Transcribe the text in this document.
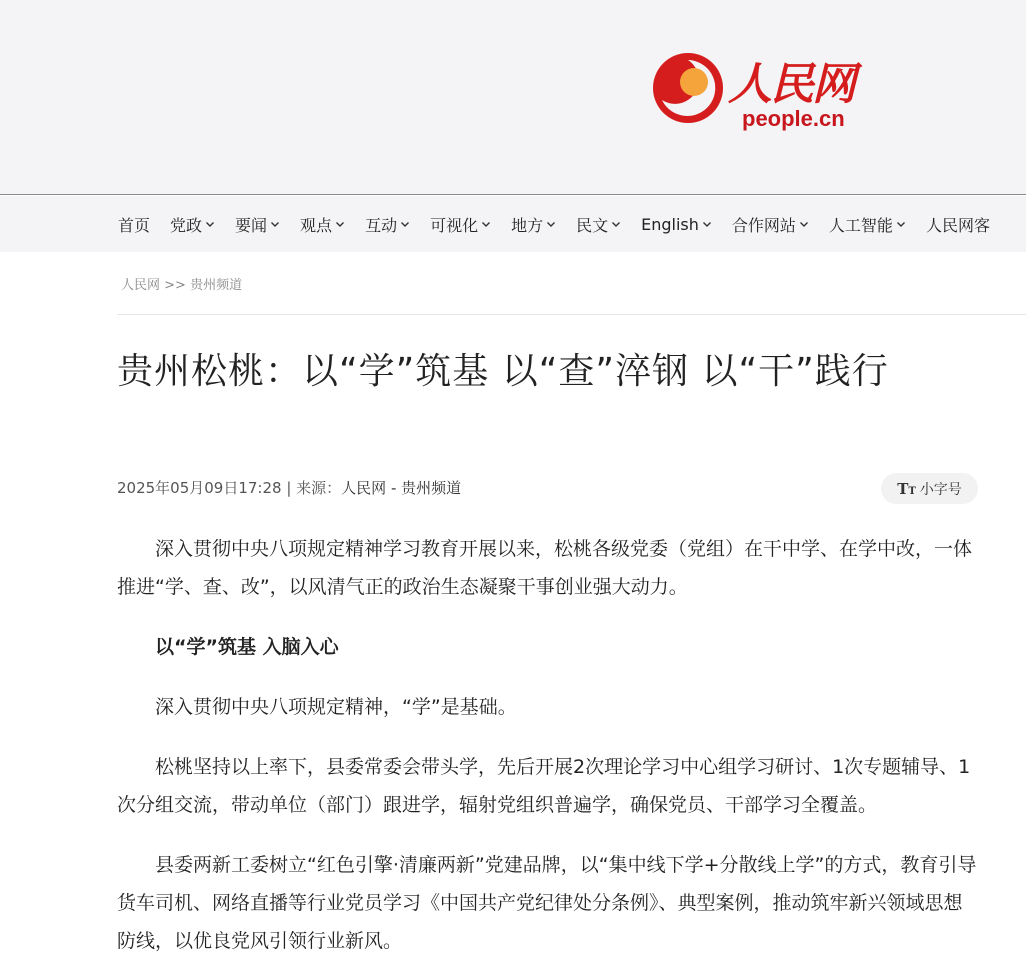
人民网
people.cn
首页 党政 要闻 观点 互动 可视化 地方 民文 English 合作网站 人工智能 人民网客
人民网 >> 贵州频道
贵州松桃：以“学”筑基 以“查”淬钢 以“干”践行
2025年05月09日17:28 | 来源：人民网 - 贵州频道	TT 小字号

深入贯彻中央八项规定精神学习教育开展以来，松桃各级党委（党组）在干中学、在学中改，一体推进“学、查、改”，以风清气正的政治生态凝聚干事创业强大动力。

以“学”筑基 入脑入心

深入贯彻中央八项规定精神，“学”是基础。

松桃坚持以上率下，县委常委会带头学，先后开展2次理论学习中心组学习研讨、1次专题辅导、1次分组交流，带动单位（部门）跟进学，辐射党组织普遍学，确保党员、干部学习全覆盖。

县委两新工委树立“红色引擎·清廉两新”党建品牌，以“集中线下学+分散线上学”的方式，教育引导货车司机、网络直播等行业党员学习《中国共产党纪律处分条例》、典型案例，推动筑牢新兴领域思想防线，以优良党风引领行业新风。
